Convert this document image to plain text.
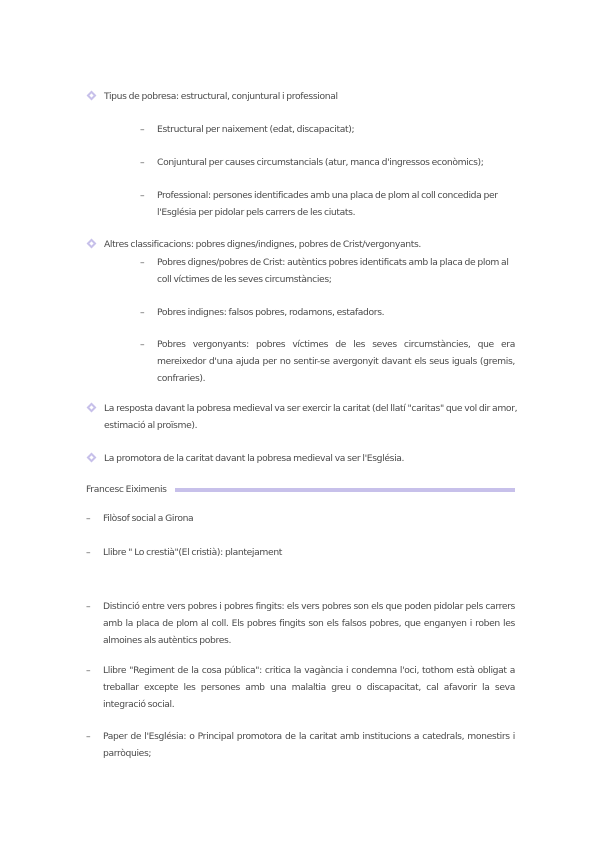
Tipus de pobresa: estructural, conjuntural i professional
– Estructural per naixement (edat, discapacitat);
– Conjuntural per causes circumstancials (atur, manca d'ingressos econòmics);
– Professional: persones identificades amb una placa de plom al coll concedida per l'Església per pidolar pels carrers de les ciutats.
Altres classificacions: pobres dignes/indignes, pobres de Crist/vergonyants.
– Pobres dignes/pobres de Crist: autèntics pobres identificats amb la placa de plom al coll víctimes de les seves circumstàncies;
– Pobres indignes: falsos pobres, rodamons, estafadors.
– Pobres vergonyants: pobres víctimes de les seves circumstàncies, que era mereixedor d'una ajuda per no sentir-se avergonyit davant els seus iguals (gremis, confraries).
La resposta davant la pobresa medieval va ser exercir la caritat (del llatí "caritas" que vol dir amor, estimació al proïsme).
La promotora de la caritat davant la pobresa medieval va ser l'Església.
Francesc Eiximenis
– Filòsof social a Girona
– Llibre " Lo crestià"(El cristià): plantejament
– Distinció entre vers pobres i pobres fingits: els vers pobres son els que poden pidolar pels carrers amb la placa de plom al coll. Els pobres fingits son els falsos pobres, que enganyen i roben les almoines als autèntics pobres.
– Llibre "Regiment de la cosa pública": critica la vagància i condemna l'oci, tothom està obligat a treballar excepte les persones amb una malaltia greu o discapacitat, cal afavorir la seva integració social.
– Paper de l'Església: o Principal promotora de la caritat amb institucions a catedrals, monestirs i parròquies;
